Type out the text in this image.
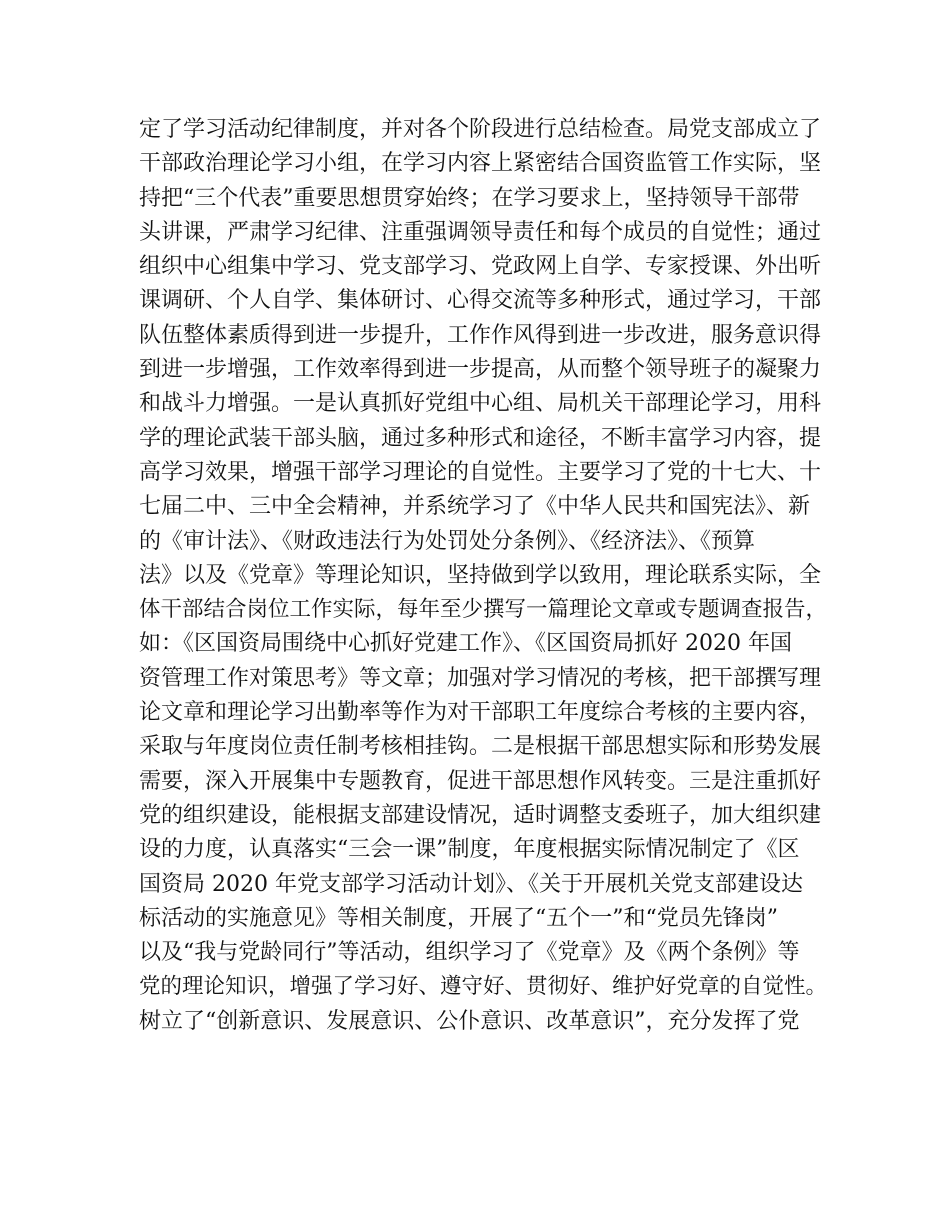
定了学习活动纪律制度，并对各个阶段进行总结检查。局党支部成立了
干部政治理论学习小组，在学习内容上紧密结合国资监管工作实际，坚
持把“三个代表”重要思想贯穿始终；在学习要求上，坚持领导干部带
头讲课，严肃学习纪律、注重强调领导责任和每个成员的自觉性；通过
组织中心组集中学习、党支部学习、党政网上自学、专家授课、外出听
课调研、个人自学、集体研讨、心得交流等多种形式，通过学习，干部
队伍整体素质得到进一步提升，工作作风得到进一步改进，服务意识得
到进一步增强，工作效率得到进一步提高，从而整个领导班子的凝聚力
和战斗力增强。一是认真抓好党组中心组、局机关干部理论学习，用科
学的理论武装干部头脑，通过多种形式和途径，不断丰富学习内容，提
高学习效果，增强干部学习理论的自觉性。主要学习了党的十七大、十
七届二中、三中全会精神，并系统学习了《中华人民共和国宪法》、新
的《审计法》、《财政违法行为处罚处分条例》、《经济法》、《预算
法》以及《党章》等理论知识，坚持做到学以致用，理论联系实际，全
体干部结合岗位工作实际，每年至少撰写一篇理论文章或专题调查报告，
如：《区国资局围绕中心抓好党建工作》、《区国资局抓好 2020 年国
资管理工作对策思考》等文章；加强对学习情况的考核，把干部撰写理
论文章和理论学习出勤率等作为对干部职工年度综合考核的主要内容，
采取与年度岗位责任制考核相挂钩。二是根据干部思想实际和形势发展
需要，深入开展集中专题教育，促进干部思想作风转变。三是注重抓好
党的组织建设，能根据支部建设情况，适时调整支委班子，加大组织建
设的力度，认真落实“三会一课”制度，年度根据实际情况制定了《区
国资局 2020 年党支部学习活动计划》、《关于开展机关党支部建设达
标活动的实施意见》等相关制度，开展了“五个一”和“党员先锋岗”
以及“我与党龄同行”等活动，组织学习了《党章》及《两个条例》等
党的理论知识，增强了学习好、遵守好、贯彻好、维护好党章的自觉性。
树立了“创新意识、发展意识、公仆意识、改革意识”，充分发挥了党
